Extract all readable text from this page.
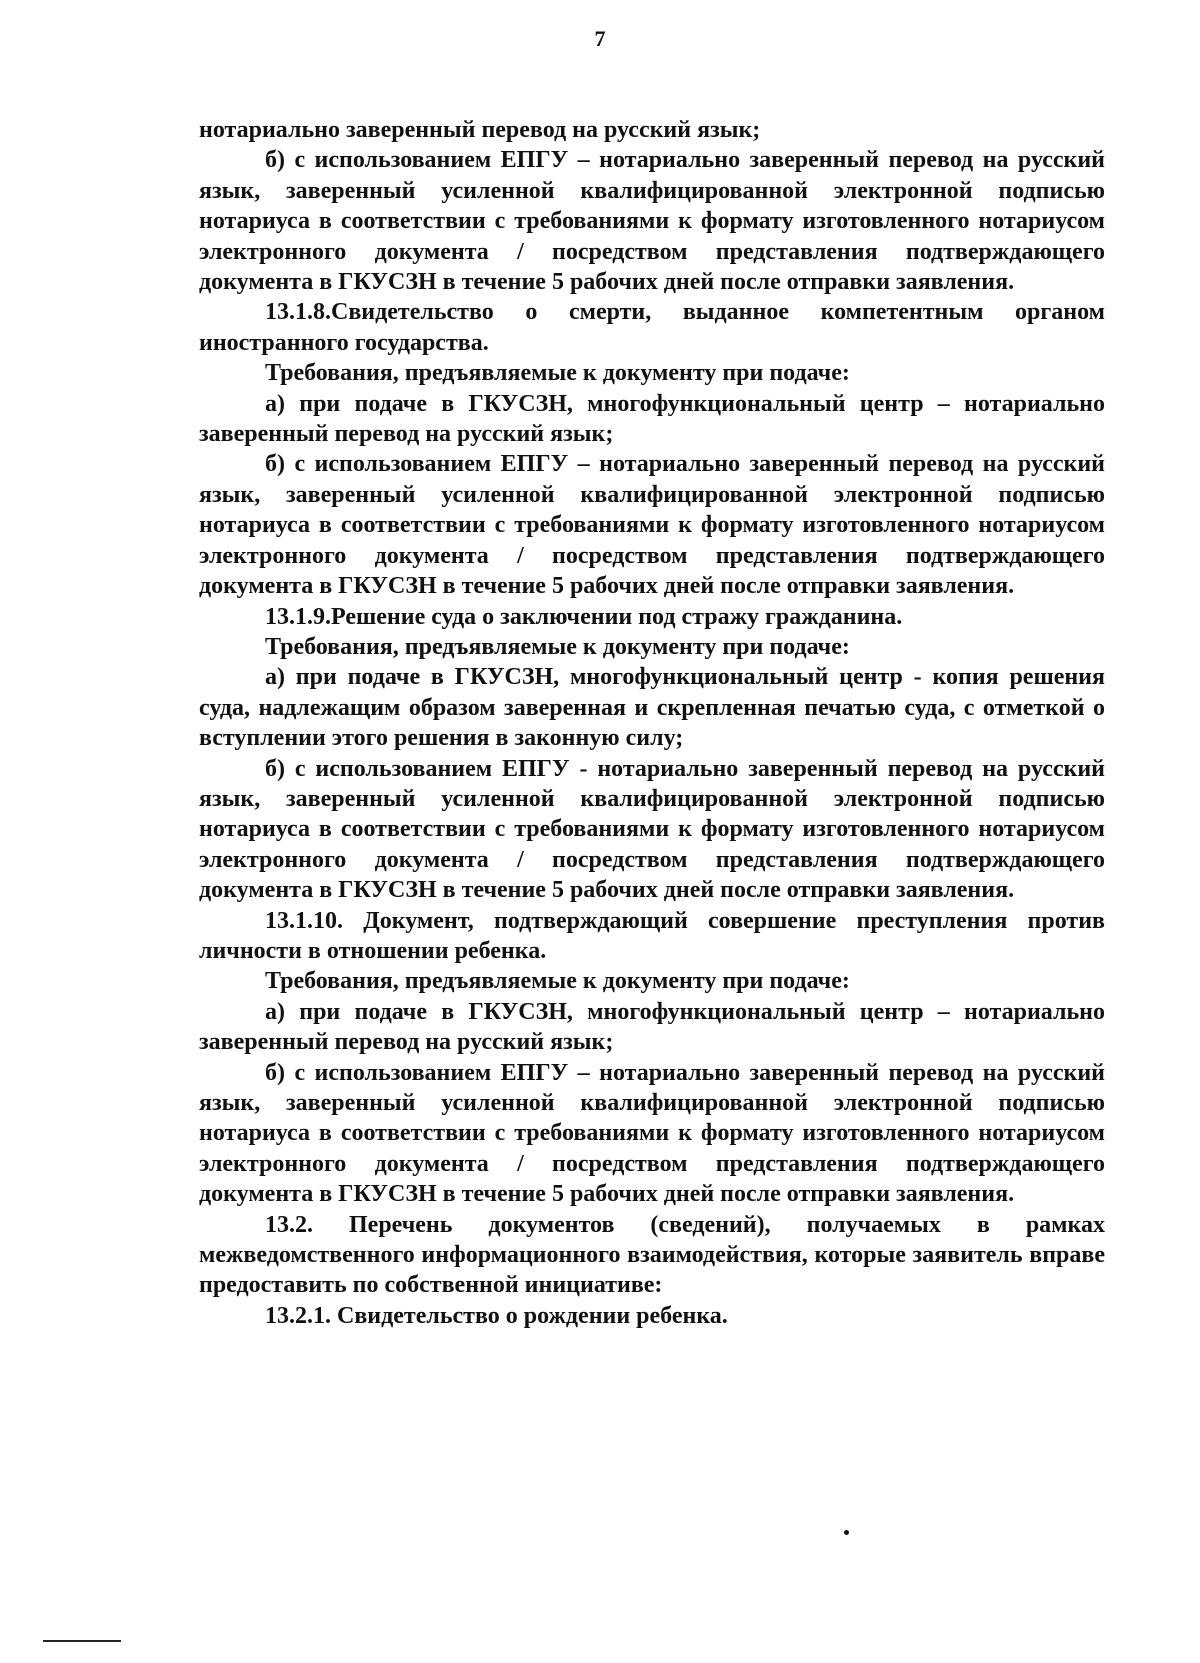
7

нотариально заверенный перевод на русский язык;

б) с использованием ЕПГУ – нотариально заверенный перевод на русский язык, заверенный усиленной квалифицированной электронной подписью нотариуса в соответствии с требованиями к формату изготовленного нотариусом электронного документа / посредством представления подтверждающего документа в ГКУСЗН в течение 5 рабочих дней после отправки заявления.

13.1.8.Свидетельство о смерти, выданное компетентным органом иностранного государства.

Требования, предъявляемые к документу при подаче:

а) при подаче в ГКУСЗН, многофункциональный центр – нотариально заверенный перевод на русский язык;

б) с использованием ЕПГУ – нотариально заверенный перевод на русский язык, заверенный усиленной квалифицированной электронной подписью нотариуса в соответствии с требованиями к формату изготовленного нотариусом электронного документа / посредством представления подтверждающего документа в ГКУСЗН в течение 5 рабочих дней после отправки заявления.

13.1.9.Решение суда о заключении под стражу гражданина.

Требования, предъявляемые к документу при подаче:

а) при подаче в ГКУСЗН, многофункциональный центр - копия решения суда, надлежащим образом заверенная и скрепленная печатью суда, с отметкой о вступлении этого решения в законную силу;

б) с использованием ЕПГУ - нотариально заверенный перевод на русский язык, заверенный усиленной квалифицированной электронной подписью нотариуса в соответствии с требованиями к формату изготовленного нотариусом электронного документа / посредством представления подтверждающего документа в ГКУСЗН в течение 5 рабочих дней после отправки заявления.

13.1.10. Документ, подтверждающий совершение преступления против личности в отношении ребенка.

Требования, предъявляемые к документу при подаче:

а) при подаче в ГКУСЗН, многофункциональный центр – нотариально заверенный перевод на русский язык;

б) с использованием ЕПГУ – нотариально заверенный перевод на русский язык, заверенный усиленной квалифицированной электронной подписью нотариуса в соответствии с требованиями к формату изготовленного нотариусом электронного документа / посредством представления подтверждающего документа в ГКУСЗН в течение 5 рабочих дней после отправки заявления.

13.2. Перечень документов (сведений), получаемых в рамках межведомственного информационного взаимодействия, которые заявитель вправе предоставить по собственной инициативе:

13.2.1. Свидетельство о рождении ребенка.
